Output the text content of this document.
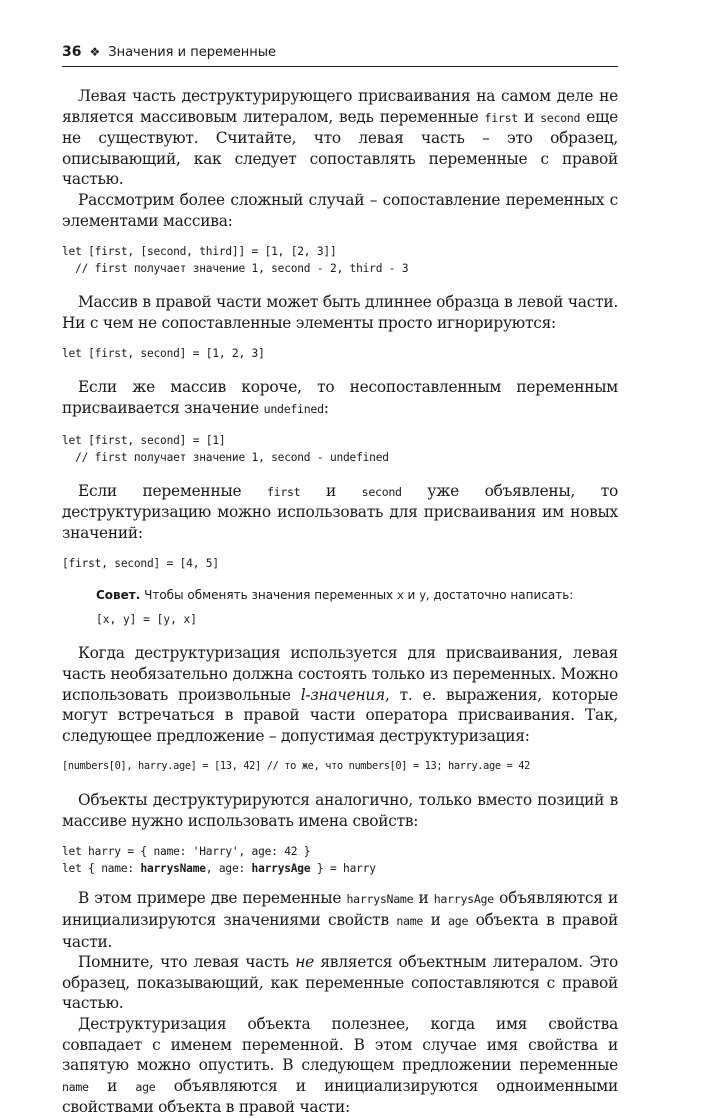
36 ❖ Значения и переменные

Левая часть деструктурирующего присваивания на самом деле не является массивовым литералом, ведь переменные first и second еще не существуют. Считайте, что левая часть – это образец, описывающий, как следует сопоставлять переменные с правой частью.

Рассмотрим более сложный случай – сопоставление переменных с элементами массива:

let [first, [second, third]] = [1, [2, 3]]
// first получает значение 1, second - 2, third - 3

Массив в правой части может быть длиннее образца в левой части. Ни с чем не сопоставленные элементы просто игнорируются:

let [first, second] = [1, 2, 3]

Если же массив короче, то несопоставленным переменным присваивается значение undefined:

let [first, second] = [1]
// first получает значение 1, second - undefined

Если переменные first и second уже объявлены, то деструктуризацию можно использовать для присваивания им новых значений:

[first, second] = [4, 5]
Совет. Чтобы обменять значения переменных x и y, достаточно написать:
[x, y] = [y, x]

Когда деструктуризация используется для присваивания, левая часть необязательно должна состоять только из переменных. Можно использовать произвольные l-значения, т. е. выражения, которые могут встречаться в правой части оператора присваивания. Так, следующее предложение – допустимая деструктуризация:

[numbers[0], harry.age] = [13, 42] // то же, что numbers[0] = 13; harry.age = 42

Объекты деструктурируются аналогично, только вместо позиций в массиве нужно использовать имена свойств:

let harry = { name: 'Harry', age: 42 }
let { name: harrysName, age: harrysAge } = harry

В этом примере две переменные harrysName и harrysAge объявляются и инициализируются значениями свойств name и age объекта в правой части.

Помните, что левая часть не является объектным литералом. Это образец, показывающий, как переменные сопоставляются с правой частью.

Деструктуризация объекта полезнее, когда имя свойства совпадает с именем переменной. В этом случае имя свойства и запятую можно опустить. В следующем предложении переменные name и age объявляются и инициализируются одноименными свойствами объекта в правой части:
